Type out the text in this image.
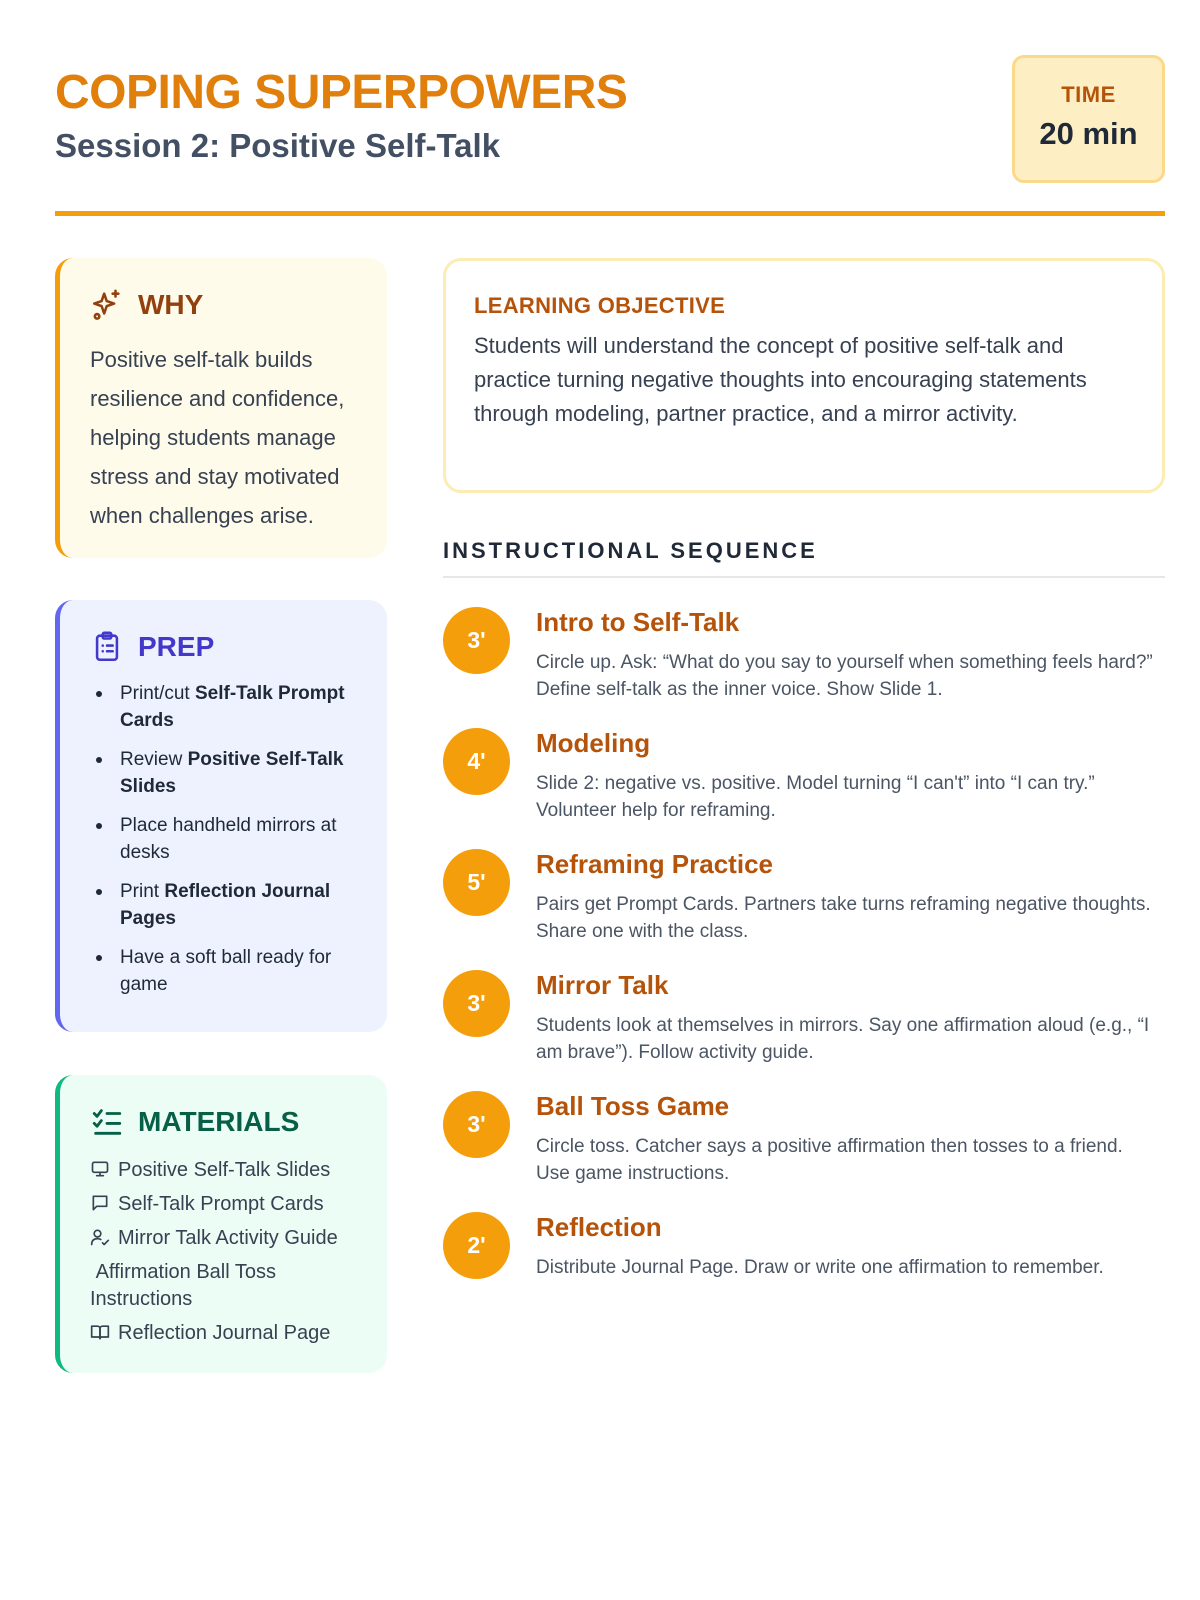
COPING SUPERPOWERS
Session 2: Positive Self-Talk
TIME
20 min
WHY

Positive self-talk builds resilience and confidence, helping students manage stress and stay motivated when challenges arise.

PREP
Print/cut Self-Talk Prompt Cards
Review Positive Self-Talk Slides
Place handheld mirrors at desks
Print Reflection Journal Pages
Have a soft ball ready for game
MATERIALS
Positive Self-Talk Slides
Self-Talk Prompt Cards
Mirror Talk Activity Guide
Affirmation Ball Toss Instructions
Reflection Journal Page
LEARNING OBJECTIVE

Students will understand the concept of positive self-talk and practice turning negative thoughts into encouraging statements through modeling, partner practice, and a mirror activity.

INSTRUCTIONAL SEQUENCE
3'
Intro to Self-Talk
Circle up. Ask: “What do you say to yourself when something feels hard?” Define self-talk as the inner voice. Show Slide 1.
4'
Modeling
Slide 2: negative vs. positive. Model turning “I can't” into “I can try.” Volunteer help for reframing.
5'
Reframing Practice
Pairs get Prompt Cards. Partners take turns reframing negative thoughts. Share one with the class.
3'
Mirror Talk
Students look at themselves in mirrors. Say one affirmation aloud (e.g., “I am brave”). Follow activity guide.
3'
Ball Toss Game
Circle toss. Catcher says a positive affirmation then tosses to a friend. Use game instructions.
2'
Reflection
Distribute Journal Page. Draw or write one affirmation to remember.
